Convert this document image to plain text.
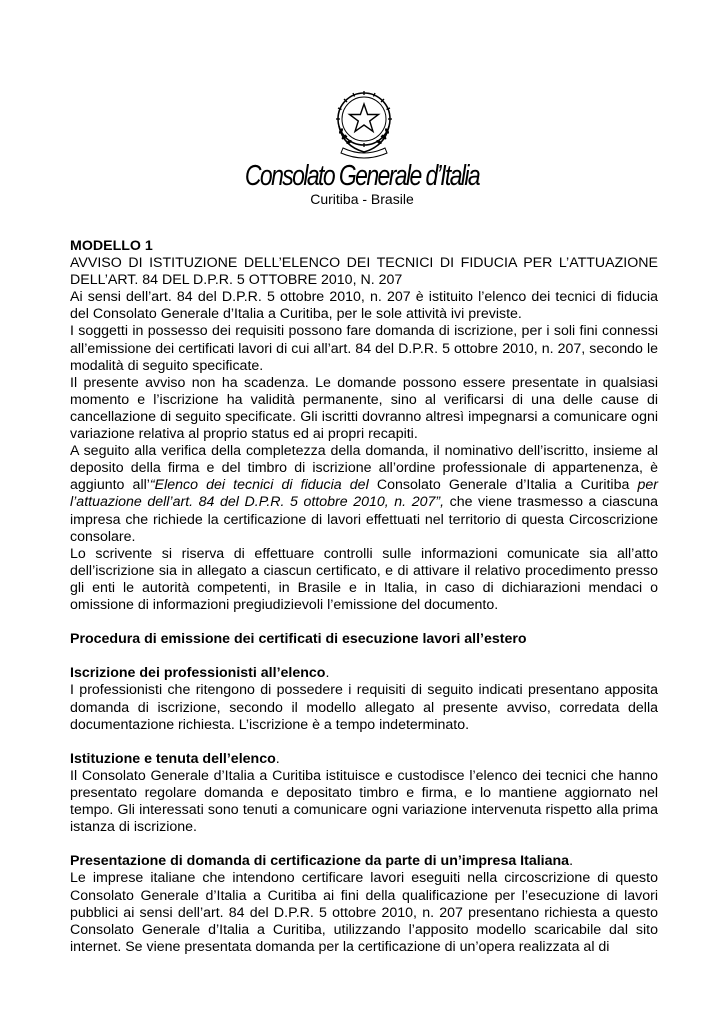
Consolato Generale d’Italia
Curitiba - Brasile

MODELLO 1

AVVISO DI ISTITUZIONE DELL’ELENCO DEI TECNICI DI FIDUCIA PER L’ATTUAZIONE DELL’ART. 84 DEL D.P.R. 5 OTTOBRE 2010, N. 207

Ai sensi dell’art. 84 del D.P.R. 5 ottobre 2010, n. 207 è istituito l’elenco dei tecnici di fiducia del Consolato Generale d’Italia a Curitiba, per le sole attività ivi previste.

I soggetti in possesso dei requisiti possono fare domanda di iscrizione, per i soli fini connessi all’emissione dei certificati lavori di cui all’art. 84 del D.P.R. 5 ottobre 2010, n. 207, secondo le modalità di seguito specificate.

Il presente avviso non ha scadenza. Le domande possono essere presentate in qualsiasi momento e l’iscrizione ha validità permanente, sino al verificarsi di una delle cause di cancellazione di seguito specificate. Gli iscritti dovranno altresì impegnarsi a comunicare ogni variazione relativa al proprio status ed ai propri recapiti.

A seguito alla verifica della completezza della domanda, il nominativo dell’iscritto, insieme al deposito della firma e del timbro di iscrizione all’ordine professionale di appartenenza, è aggiunto all’“Elenco dei tecnici di fiducia del Consolato Generale d’Italia a Curitiba per l’attuazione dell’art. 84 del D.P.R. 5 ottobre 2010, n. 207”, che viene trasmesso a ciascuna impresa che richiede la certificazione di lavori effettuati nel territorio di questa Circoscrizione consolare.

Lo scrivente si riserva di effettuare controlli sulle informazioni comunicate sia all’atto dell’iscrizione sia in allegato a ciascun certificato, e di attivare il relativo procedimento presso gli enti le autorità competenti, in Brasile e in Italia, in caso di dichiarazioni mendaci o omissione di informazioni pregiudizievoli l’emissione del documento.

Procedura di emissione dei certificati di esecuzione lavori all’estero

Iscrizione dei professionisti all’elenco.

I professionisti che ritengono di possedere i requisiti di seguito indicati presentano apposita domanda di iscrizione, secondo il modello allegato al presente avviso, corredata della documentazione richiesta. L’iscrizione è a tempo indeterminato.

Istituzione e tenuta dell’elenco.

Il Consolato Generale d’Italia a Curitiba istituisce e custodisce l’elenco dei tecnici che hanno presentato regolare domanda e depositato timbro e firma, e lo mantiene aggiornato nel tempo. Gli interessati sono tenuti a comunicare ogni variazione intervenuta rispetto alla prima istanza di iscrizione.

Presentazione di domanda di certificazione da parte di un’impresa Italiana.

Le imprese italiane che intendono certificare lavori eseguiti nella circoscrizione di questo Consolato Generale d’Italia a Curitiba ai fini della qualificazione per l’esecuzione di lavori pubblici ai sensi dell’art. 84 del D.P.R. 5 ottobre 2010, n. 207 presentano richiesta a questo Consolato Generale d’Italia a Curitiba, utilizzando l’apposito modello scaricabile dal sito internet. Se viene presentata domanda per la certificazione di un’opera realizzata al di
